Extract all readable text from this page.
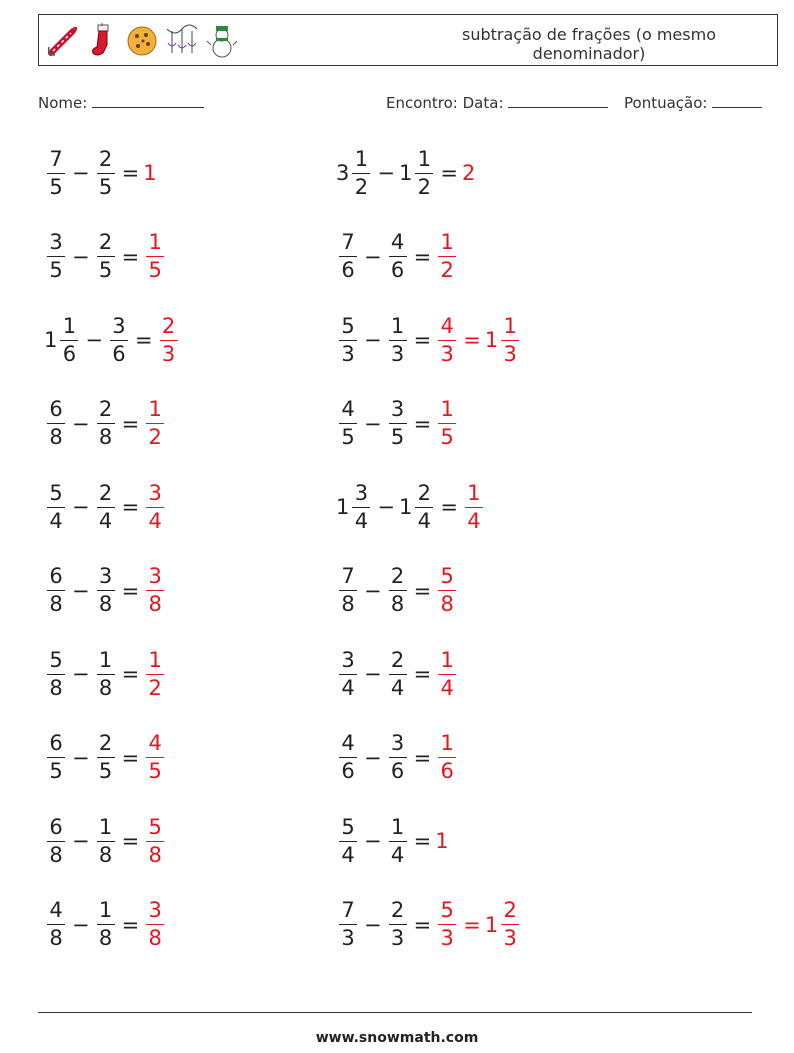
subtração de frações (o mesmo denominador)
Nome:	Encontro: Data:	Pontuação:
$\frac{7}{5} - \frac{2}{5} = 1$	$3 \frac{1}{2} - 1 \frac{1}{2} = 2$
$\frac{3}{5} - \frac{2}{5} = \frac{1}{5}$	$\frac{7}{6} - \frac{4}{6} = \frac{1}{2}$
$1 \frac{1}{6} - \frac{3}{6} = \frac{2}{3}$	$\frac{5}{3} - \frac{1}{3} = \frac{4}{3} = 1 \frac{1}{3}$
$\frac{6}{8} - \frac{2}{8} = \frac{1}{2}$	$\frac{4}{5} - \frac{3}{5} = \frac{1}{5}$
$\frac{5}{4} - \frac{2}{4} = \frac{3}{4}$	$1 \frac{3}{4} - 1 \frac{2}{4} = \frac{1}{4}$
$\frac{6}{8} - \frac{3}{8} = \frac{3}{8}$	$\frac{7}{8} - \frac{2}{8} = \frac{5}{8}$
$\frac{5}{8} - \frac{1}{8} = \frac{1}{2}$	$\frac{3}{4} - \frac{2}{4} = \frac{1}{4}$
$\frac{6}{5} - \frac{2}{5} = \frac{4}{5}$	$\frac{4}{6} - \frac{3}{6} = \frac{1}{6}$
$\frac{6}{8} - \frac{1}{8} = \frac{5}{8}$	$\frac{5}{4} - \frac{1}{4} = 1$
$\frac{4}{8} - \frac{1}{8} = \frac{3}{8}$	$\frac{7}{3} - \frac{2}{3} = \frac{5}{3} = 1 \frac{2}{3}$
www.snowmath.com
